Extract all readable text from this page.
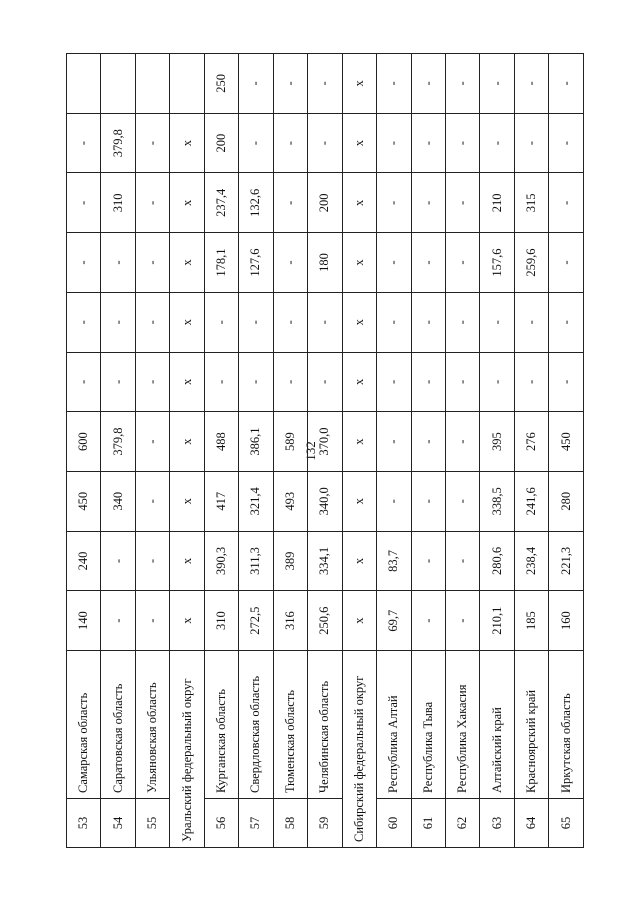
132
53	Самарская область	140	240	450	600	-	-	-	-	-	
54	Саратовская область	-	-	340	379,8	-	-	-	310	379,8	
55	Ульяновская область	-	-	-	-	-	-	-	-	-	
Уральский федеральный округ		х	х	х	х	х	х	х	х	х	
56	Курганская область	310	390,3	417	488	-	-	178,1	237,4	200	250
57	Свердловская область	272,5	311,3	321,4	386,1	-	-	127,6	132,6	-	-
58	Тюменская область	316	389	493	589	-	-	-	-	-	-
59	Челябинская область	250,6	334,1	340,0	370,0	-	-	180	200	-	-
Сибирский федеральный округ		х	х	х	х	х	х	х	х	х	х
60	Республика Алтай	69,7	83,7	-	-	-	-	-	-	-	-
61	Республика Тыва	-	-	-	-	-	-	-	-	-	-
62	Республика Хакасия	-	-	-	-	-	-	-	-	-	-
63	Алтайский край	210,1	280,6	338,5	395	-	-	157,6	210	-	-
64	Красноярский край	185	238,4	241,6	276	-	-	259,6	315	-	-
65	Иркутская область	160	221,3	280	450	-	-	-	-	-	-
